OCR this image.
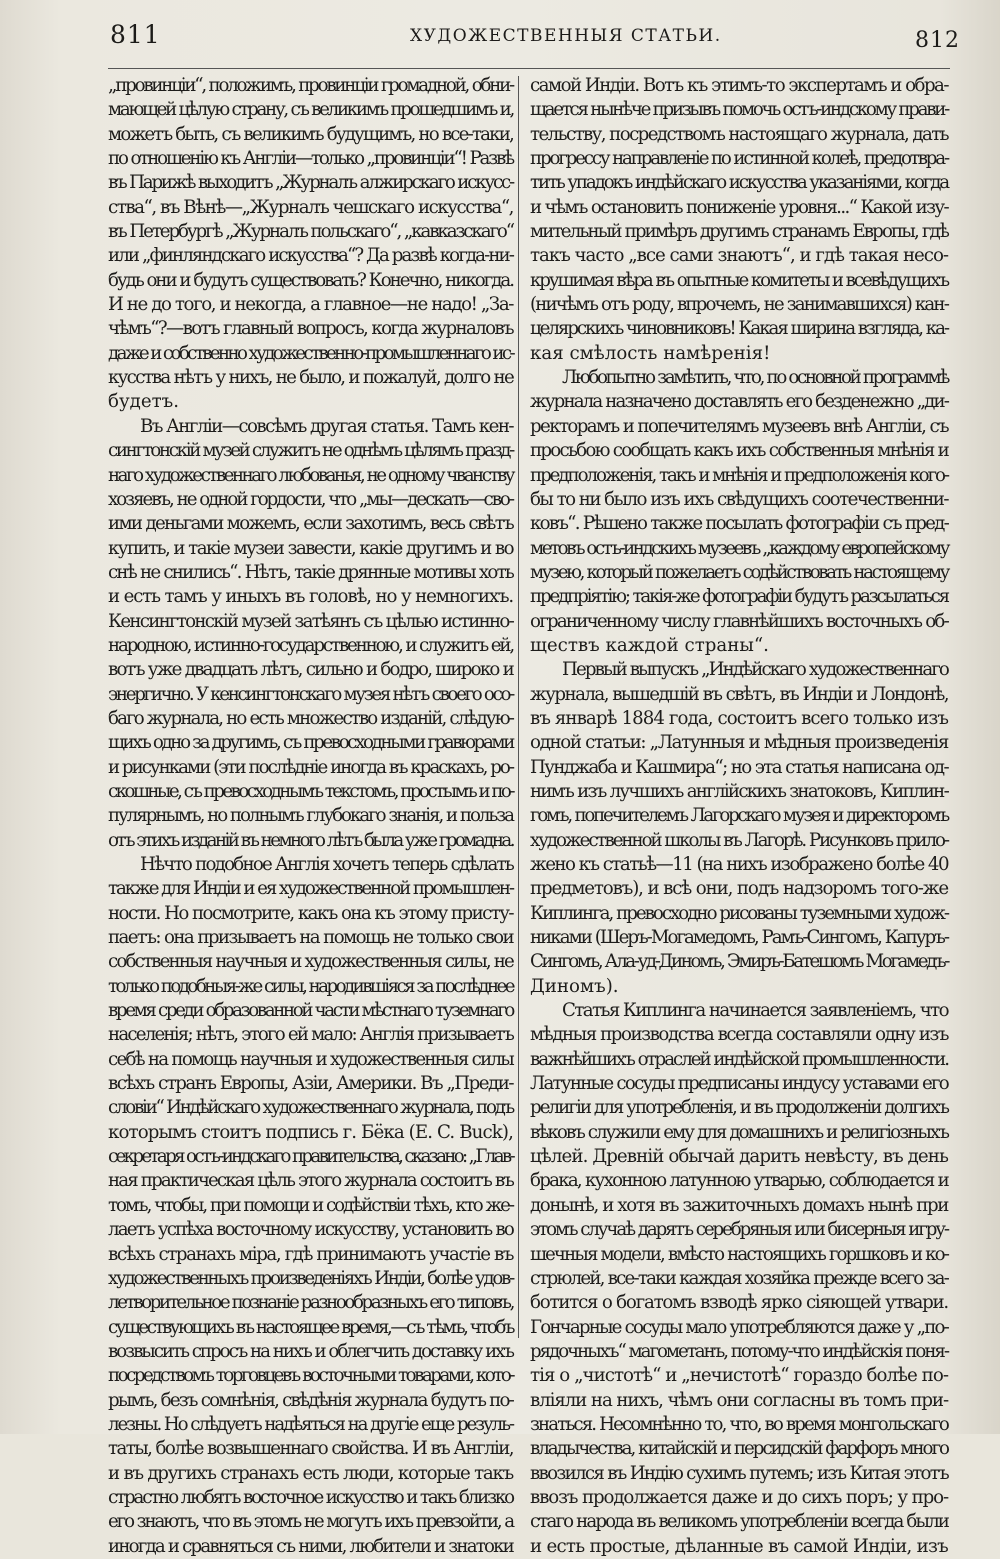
811	ХУДОЖЕСТВЕННЫЯ СТАТЬИ.	812
„провинцiи“, положимъ, провинцiи громадной, обни-
мающей цѣлую страну, съ великимъ прошедшимъ и,
можетъ быть, съ великимъ будущимъ, но все-таки,
по отношенiю къ Англiи—только „провинцiи“! Развѣ
въ Парижѣ выходитъ „Журналъ алжирскаго искусс-
ства“, въ Вѣнѣ—„Журналъ чешскаго искусства“,
въ Петербургѣ „Журналъ польскаго“, „кавказскаго“
или „финляндскаго искусства“? Да развѣ когда-ни-
будь они и будутъ существовать? Конечно, никогда.
И не до того, и некогда, а главное—не надо! „За-
чѣмъ“?—вотъ главный вопросъ, когда журналовъ
даже и собственно художественно-промышленнаго ис-
кусства нѣтъ у нихъ, не было, и пожалуй, долго не
будетъ.
Въ Англiи—совсѣмъ другая статья. Тамъ кен-
сингтонскiй музей служитъ не однѣмъ цѣлямъ празд-
наго художественнаго любованья, не одному чванству
хозяевъ, не одной гордости, что „мы—дескать—сво-
ими деньгами можемъ, если захотимъ, весь свѣтъ
купить, и такiе музеи завести, какiе другимъ и во
снѣ не снились“. Нѣтъ, такiе дрянные мотивы хоть
и есть тамъ у иныхъ въ головѣ, но у немногихъ.
Кенсингтонскiй музей затѣянъ съ цѣлью истинно-
народною, истинно-государственною, и служитъ ей,
вотъ уже двадцать лѣтъ, сильно и бодро, широко и
энергично. У кенсингтонскаго музея нѣтъ своего осо-
баго журнала, но есть множество изданiй, слѣдую-
щихъ одно за другимъ, съ превосходными гравюрами
и рисунками (эти послѣднiе иногда въ краскахъ, ро-
скошные, съ превосходнымъ текстомъ, простымъ и по-
пулярнымъ, но полнымъ глубокаго знанiя, и польза
отъ этихъ изданiй въ немного лѣтъ была уже громадна.
Нѣчто подобное Англiя хочетъ теперь сдѣлать
также для Индiи и ея художественной промышлен-
ности. Но посмотрите, какъ она къ этому присту-
паетъ: она призываетъ на помощь не только свои
собственныя научныя и художественныя силы, не
только подобныя-же силы, народившiяся за послѣднее
время среди образованной части мѣстнаго туземнаго
населенiя; нѣтъ, этого ей мало: Англiя призываетъ
себѣ на помощь научныя и художественныя силы
всѣхъ странъ Европы, Азiи, Америки. Въ „Преди-
словiи“ Индѣйскаго художественнаго журнала, подъ
которымъ стоитъ подпись г. Бёка (E. C. Buck),
секретаря остъ-индскаго правительства, сказано: „Глав-
ная практическая цѣль этого журнала состоитъ въ
томъ, чтобы, при помощи и содѣйствiи тѣхъ, кто же-
лаетъ успѣха восточному искусству, установить во
всѣхъ странахъ мiра, гдѣ принимаютъ участiе въ
художественныхъ произведенiяхъ Индiи, болѣе удов-
летворительное познанiе разнообразныхъ его типовъ,
существующихъ въ настоящее время,—съ тѣмъ, чтобъ
возвысить спросъ на нихъ и облегчить доставку ихъ
посредствомъ торговцевъ восточными товарами, кото-
рымъ, безъ сомнѣнiя, свѣдѣнiя журнала будутъ по-
лезны. Но слѣдуетъ надѣяться на другiе еще резуль-
таты, болѣе возвышеннаго свойства. И въ Англiи,
и въ другихъ странахъ есть люди, которые такъ
страстно любятъ восточное искусство и такъ близко
его знаютъ, что въ этомъ не могутъ ихъ превзойти, а
иногда и сравняться съ ними, любители и знатоки
самой Индiи. Вотъ къ этимъ-то экспертамъ и обра-
щается нынѣче призывъ помочь остъ-индскому прави-
тельству, посредствомъ настоящаго журнала, дать
прогрессу направленiе по истинной колеѣ, предотвра-
тить упадокъ индѣйскаго искусства указанiями, когда
и чѣмъ остановить пониженiе уровня...“ Какой изу-
мительный примѣръ другимъ странамъ Европы, гдѣ
такъ часто „все сами знаютъ“, и гдѣ такая несо-
крушимая вѣра въ опытные комитеты и всевѣдущихъ
(ничѣмъ отъ роду, впрочемъ, не занимавшихся) кан-
целярскихъ чиновниковъ! Какая ширина взгляда, ка-
кая смѣлость намѣренiя!
Любопытно замѣтить, что, по основной программѣ
журнала назначено доставлять его безденежно „ди-
ректорамъ и попечителямъ музеевъ внѣ Англiи, съ
просьбою сообщать какъ ихъ собственныя мнѣнiя и
предположенiя, такъ и мнѣнiя и предположенiя кого-
бы то ни было изъ ихъ свѣдущихъ соотечественни-
ковъ“. Рѣшено также посылать фотографiи съ пред-
метовъ остъ-индскихъ музеевъ „каждому европейскому
музею, который пожелаетъ содѣйствовать настоящему
предпрiятiю; такiя-же фотографiи будутъ разсылаться
ограниченному числу главнѣйшихъ восточныхъ об-
ществъ каждой страны“.
Первый выпускъ „Индѣйскаго художественнаго
журнала, вышедшiй въ свѣтъ, въ Индiи и Лондонѣ,
въ январѣ 1884 года, состоитъ всего только изъ
одной статьи: „Латунныя и мѣдныя произведенiя
Пунджаба и Кашмира“; но эта статья написана од-
нимъ изъ лучшихъ англiйскихъ знатоковъ, Киплин-
гомъ, попечителемъ Лагорскаго музея и директоромъ
художественной школы въ Лагорѣ. Рисунковъ прило-
жено къ статьѣ—11 (на нихъ изображено болѣе 40
предметовъ), и всѣ они, подъ надзоромъ того-же
Киплинга, превосходно рисованы туземными худож-
никами (Шеръ-Могамедомъ, Рамъ-Сингомъ, Капуръ-
Сингомъ, Ала-уд-Диномъ, Эмиръ-Батешомъ Могамедъ-
Диномъ).
Статья Киплинга начинается заявленiемъ, что
мѣдныя производства всегда составляли одну изъ
важнѣйшихъ отраслей индѣйской промышленности.
Латунные сосуды предписаны индусу уставами его
религiи для употребленiя, и въ продолженiи долгихъ
вѣковъ служили ему для домашнихъ и религiозныхъ
цѣлей. Древнiй обычай дарить невѣсту, въ день
брака, кухонною латунною утварью, соблюдается и
донынѣ, и хотя въ зажиточныхъ домахъ нынѣ при
этомъ случаѣ дарятъ серебряныя или бисерныя игру-
шечныя модели, вмѣсто настоящихъ горшковъ и ко-
стрюлей, все-таки каждая хозяйка прежде всего за-
ботится о богатомъ взводѣ ярко сiяющей утвари.
Гончарные сосуды мало употребляются даже у „по-
рядочныхъ“ магометанъ, потому-что индѣйскiя поня-
тiя о „чистотѣ“ и „нечистотѣ“ гораздо болѣе по-
влiяли на нихъ, чѣмъ они согласны въ томъ при-
знаться. Несомнѣнно то, что, во время монгольскаго
владычества, китайскiй и персидскiй фарфоръ много
ввозился въ Индiю сухимъ путемъ; изъ Китая этотъ
ввозъ продолжается даже и до сихъ поръ; у про-
стаго народа въ великомъ употребленiи всегда были
и есть простые, дѣланные въ самой Индiи, изъ
